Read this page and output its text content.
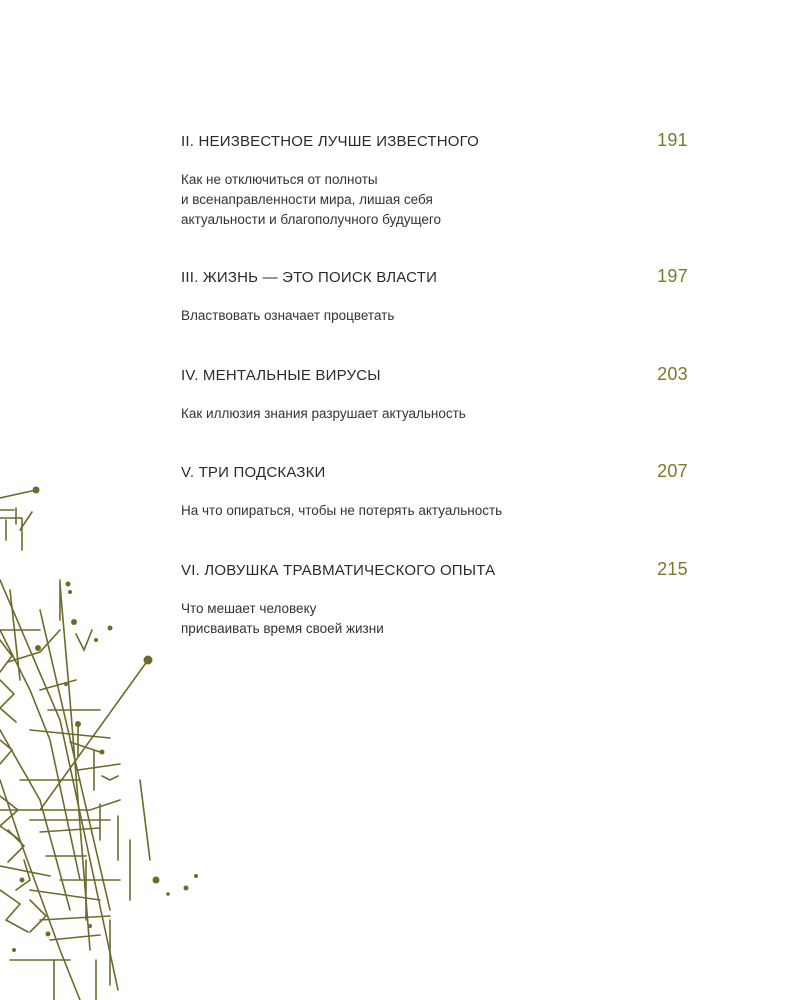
II. НЕИЗВЕСТНОЕ ЛУЧШЕ ИЗВЕСТНОГО	191
Как не отключиться от полноты
и всенаправленности мира, лишая себя
актуальности и благополучного будущего
III. ЖИЗНЬ — ЭТО ПОИСК ВЛАСТИ	197
Властвовать означает процветать
IV. МЕНТАЛЬНЫЕ ВИРУСЫ	203
Как иллюзия знания разрушает актуальность
V. ТРИ ПОДСКАЗКИ	207
На что опираться, чтобы не потерять актуальность
VI. ЛОВУШКА ТРАВМАТИЧЕСКОГО ОПЫТА	215
Что мешает человеку
присваивать время своей жизни
